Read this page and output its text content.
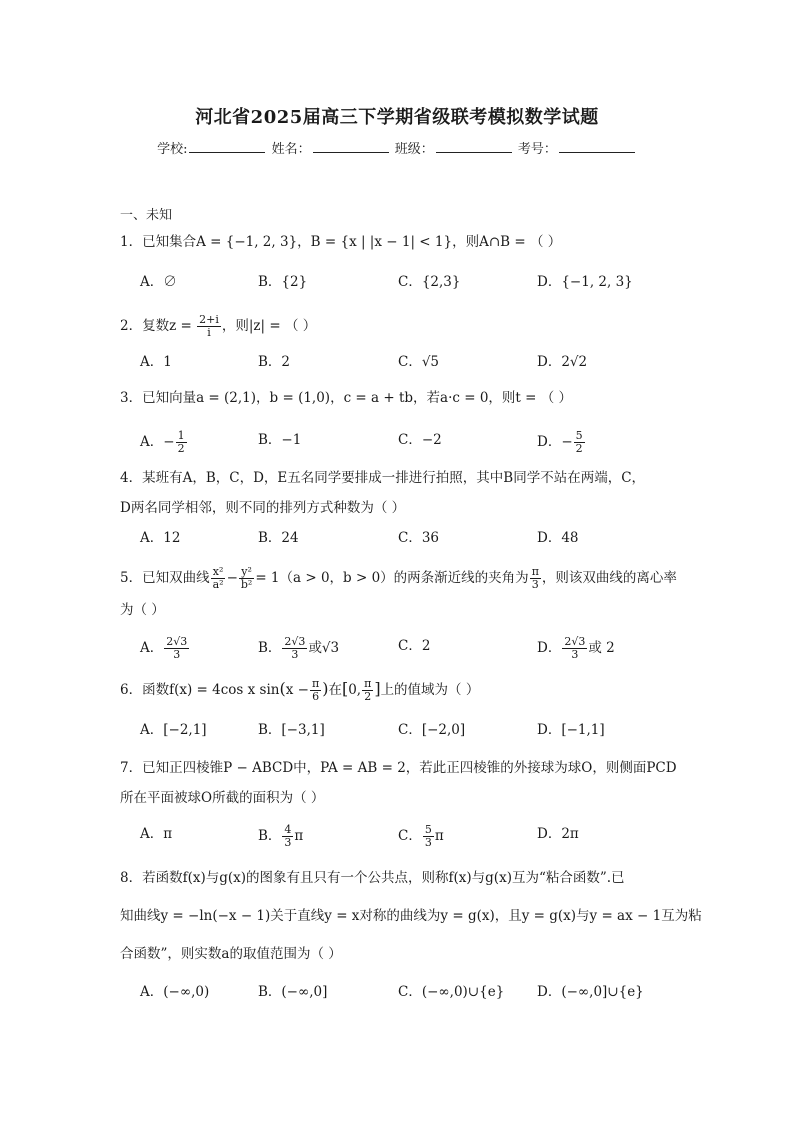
河北省2025届高三下学期省级联考模拟数学试题
学校:	姓名：	班级：	考号：
一、未知
1．已知集合A = {−1, 2, 3}，B = {x | |x − 1| < 1}，则A∩B = （ ）
A．∅	B．{2}	C．{2,3}	D．{−1, 2, 3}
2．复数$z = \frac{2+i}{i}$ ，则|z| = （ ）
A．1	B．2	C．√5	D．2√2
3．已知向量a = (2,1)，b = (1,0)，c = a + tb，若a·c = 0，则t = （ ）
A．− $\frac{1}{2}$	B．−1	C．−2	D．− $\frac{5}{2}$
4．某班有A，B，C，D，E五名同学要排成一排进行拍照，其中B同学不站在两端，C，
D两名同学相邻，则不同的排列方式种数为（ ）
A．12	B．24	C．36	D．48
5．已知双曲线 $\frac{\text{x²}}{\text{a²}} - \frac{\text{y²}}{\text{b²}} = 1(a > 0$，b > 0）的两条渐近线的夹角为 $\frac{\pi}{3}$ ，则该双曲线的离心率
为（ ）
A． $\frac{2√3}{3}$	B． $\frac{2√3}{3}$ 或√3	C．2	D． $\frac{2√3}{3}$ 或 2
6．函数f(x) = 4cos x $\sin(x - \frac{\pi}{6}$ )在[0, $\frac{\pi}{2}$ ]上的值域为（ ）
A．[−2,1]	B．[−3,1]	C．[−2,0]	D．[−1,1]
7．已知正四棱锥P − ABCD中，PA = AB = 2，若此正四棱锥的外接球为球O，则侧面PCD
所在平面被球O所截的面积为（ ）
A．π	B． $\frac{4}{3}$ π	C． $\frac{5}{3}$ π	D．2π
8．若函数f(x)与g(x)的图象有且只有一个公共点，则称f(x)与g(x)互为“粘合函数”.已
知曲线y = −ln(−x − 1)关于直线y = x对称的曲线为y = g(x)，且y = g(x)与y = ax − 1互为粘
合函数”，则实数a的取值范围为（ ）
A．(−∞,0)	B．(−∞,0]	C．(−∞,0)∪{e} D．(−∞,0]∪{e}
